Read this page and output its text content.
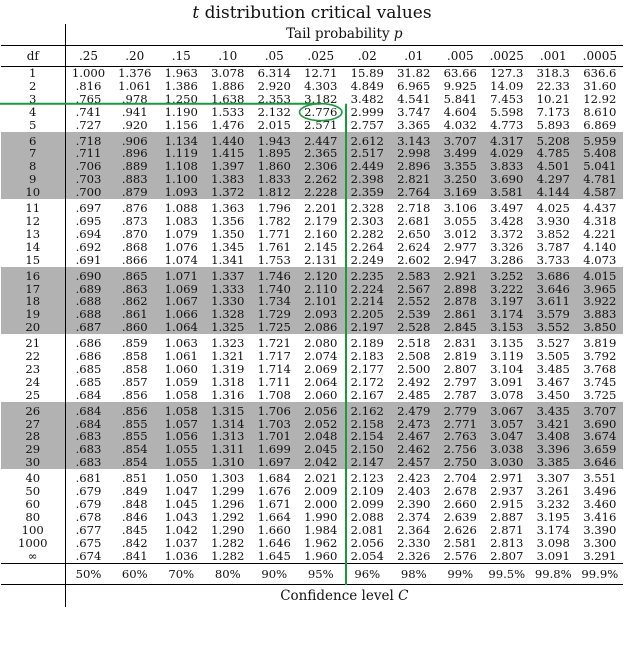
t distribution critical values
	Tail probability p											
df	.25	.20	.15	.10	.05	.025	.02	.01	.005	.0025	.001	.0005
1	1.000	1.376	1.963	3.078	6.314	12.71	15.89	31.82	63.66	127.3	318.3	636.6
2	.816	1.061	1.386	1.886	2.920	4.303	4.849	6.965	9.925	14.09	22.33	31.60
3	.765	.978	1.250	1.638	2.353	3.182	3.482	4.541	5.841	7.453	10.21	12.92
4	.741	.941	1.190	1.533	2.132	2.776	2.999	3.747	4.604	5.598	7.173	8.610
5	.727	.920	1.156	1.476	2.015	2.571	2.757	3.365	4.032	4.773	5.893	6.869
6	.718	.906	1.134	1.440	1.943	2.447	2.612	3.143	3.707	4.317	5.208	5.959
7	.711	.896	1.119	1.415	1.895	2.365	2.517	2.998	3.499	4.029	4.785	5.408
8	.706	.889	1.108	1.397	1.860	2.306	2.449	2.896	3.355	3.833	4.501	5.041
9	.703	.883	1.100	1.383	1.833	2.262	2.398	2.821	3.250	3.690	4.297	4.781
10	.700	.879	1.093	1.372	1.812	2.228	2.359	2.764	3.169	3.581	4.144	4.587
11	.697	.876	1.088	1.363	1.796	2.201	2.328	2.718	3.106	3.497	4.025	4.437
12	.695	.873	1.083	1.356	1.782	2.179	2.303	2.681	3.055	3.428	3.930	4.318
13	.694	.870	1.079	1.350	1.771	2.160	2.282	2.650	3.012	3.372	3.852	4.221
14	.692	.868	1.076	1.345	1.761	2.145	2.264	2.624	2.977	3.326	3.787	4.140
15	.691	.866	1.074	1.341	1.753	2.131	2.249	2.602	2.947	3.286	3.733	4.073
16	.690	.865	1.071	1.337	1.746	2.120	2.235	2.583	2.921	3.252	3.686	4.015
17	.689	.863	1.069	1.333	1.740	2.110	2.224	2.567	2.898	3.222	3.646	3.965
18	.688	.862	1.067	1.330	1.734	2.101	2.214	2.552	2.878	3.197	3.611	3.922
19	.688	.861	1.066	1.328	1.729	2.093	2.205	2.539	2.861	3.174	3.579	3.883
20	.687	.860	1.064	1.325	1.725	2.086	2.197	2.528	2.845	3.153	3.552	3.850
21	.686	.859	1.063	1.323	1.721	2.080	2.189	2.518	2.831	3.135	3.527	3.819
22	.686	.858	1.061	1.321	1.717	2.074	2.183	2.508	2.819	3.119	3.505	3.792
23	.685	.858	1.060	1.319	1.714	2.069	2.177	2.500	2.807	3.104	3.485	3.768
24	.685	.857	1.059	1.318	1.711	2.064	2.172	2.492	2.797	3.091	3.467	3.745
25	.684	.856	1.058	1.316	1.708	2.060	2.167	2.485	2.787	3.078	3.450	3.725
26	.684	.856	1.058	1.315	1.706	2.056	2.162	2.479	2.779	3.067	3.435	3.707
27	.684	.855	1.057	1.314	1.703	2.052	2.158	2.473	2.771	3.057	3.421	3.690
28	.683	.855	1.056	1.313	1.701	2.048	2.154	2.467	2.763	3.047	3.408	3.674
29	.683	.854	1.055	1.311	1.699	2.045	2.150	2.462	2.756	3.038	3.396	3.659
30	.683	.854	1.055	1.310	1.697	2.042	2.147	2.457	2.750	3.030	3.385	3.646
40	.681	.851	1.050	1.303	1.684	2.021	2.123	2.423	2.704	2.971	3.307	3.551
50	.679	.849	1.047	1.299	1.676	2.009	2.109	2.403	2.678	2.937	3.261	3.496
60	.679	.848	1.045	1.296	1.671	2.000	2.099	2.390	2.660	2.915	3.232	3.460
80	.678	.846	1.043	1.292	1.664	1.990	2.088	2.374	2.639	2.887	3.195	3.416
100	.677	.845	1.042	1.290	1.660	1.984	2.081	2.364	2.626	2.871	3.174	3.390
1000	.675	.842	1.037	1.282	1.646	1.962	2.056	2.330	2.581	2.813	3.098	3.300
∞	.674	.841	1.036	1.282	1.645	1.960	2.054	2.326	2.576	2.807	3.091	3.291
	50%	60%	70%	80%	90%	95%	96%	98%	99%	99.5%	99.8%	99.9%
	Confidence level C											
